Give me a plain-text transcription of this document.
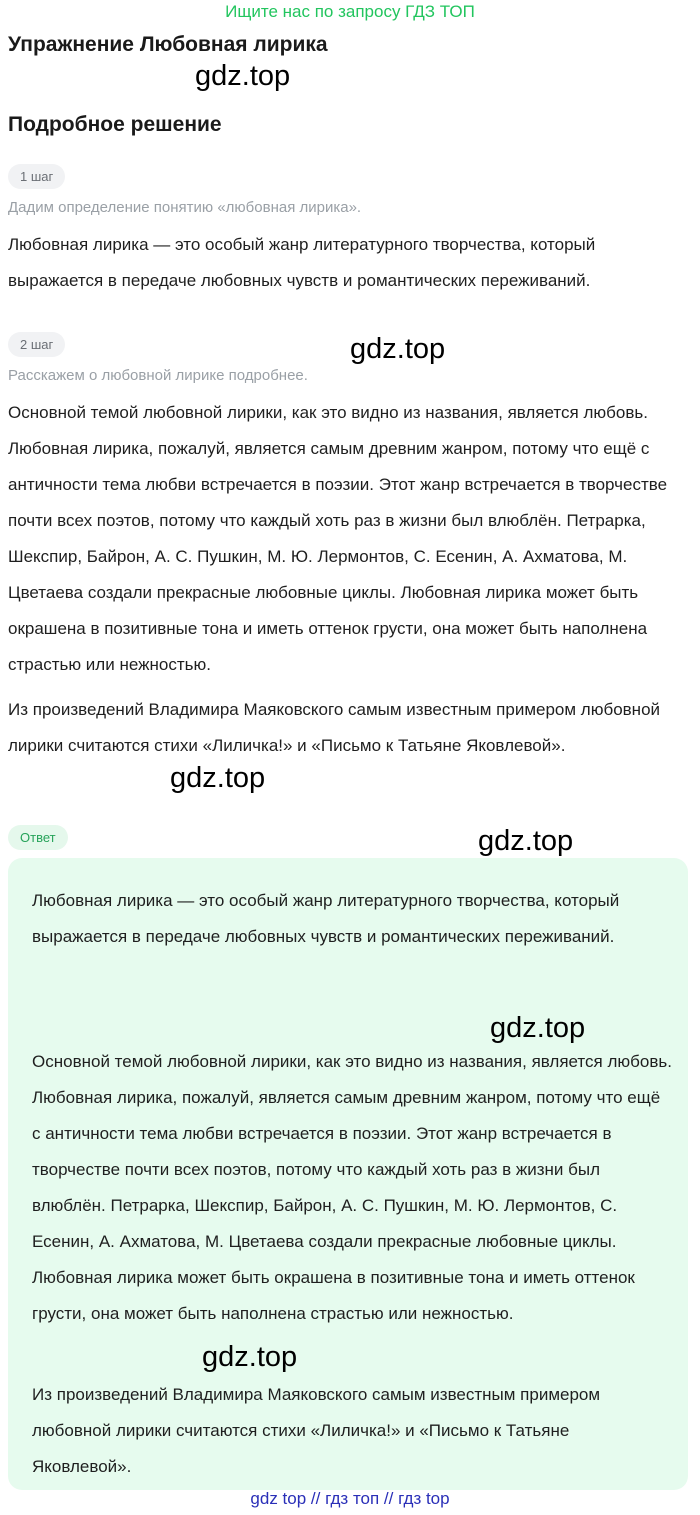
Ищите нас по запросу ГДЗ ТОП
Упражнение Любовная лирика
gdz.top
Подробное решение
1 шаг
Дадим определение понятию «любовная лирика».

Любовная лирика — это особый жанр литературного творчества, который выражается в передаче любовных чувств и романтических переживаний.

2 шаг	gdz.top
Расскажем о любовной лирике подробнее.

Основной темой любовной лирики, как это видно из названия, является любовь. Любовная лирика, пожалуй, является самым древним жанром, потому что ещё с античности тема любви встречается в поэзии. Этот жанр встречается в творчестве почти всех поэтов, потому что каждый хоть раз в жизни был влюблён. Петрарка, Шекспир, Байрон, А. С. Пушкин, М. Ю. Лермонтов, С. Есенин, А. Ахматова, М. Цветаева создали прекрасные любовные циклы. Любовная лирика может быть окрашена в позитивные тона и иметь оттенок грусти, она может быть наполнена страстью или нежностью.

Из произведений Владимира Маяковского самым известным примером любовной лирики считаются стихи «Лиличка!» и «Письмо к Татьяне Яковлевой».

gdz.top
Ответ	gdz.top

Любовная лирика — это особый жанр литературного творчества, который выражается в передаче любовных чувств и романтических переживаний.

gdz.top

Основной темой любовной лирики, как это видно из названия, является любовь. Любовная лирика, пожалуй, является самым древним жанром, потому что ещё с античности тема любви встречается в поэзии. Этот жанр встречается в творчестве почти всех поэтов, потому что каждый хоть раз в жизни был влюблён. Петрарка, Шекспир, Байрон, А. С. Пушкин, М. Ю. Лермонтов, С. Есенин, А. Ахматова, М. Цветаева создали прекрасные любовные циклы. Любовная лирика может быть окрашена в позитивные тона и иметь оттенок грусти, она может быть наполнена страстью или нежностью.

gdz.top

Из произведений Владимира Маяковского самым известным примером любовной лирики считаются стихи «Лиличка!» и «Письмо к Татьяне Яковлевой».

gdz top // гдз топ // гдз top
